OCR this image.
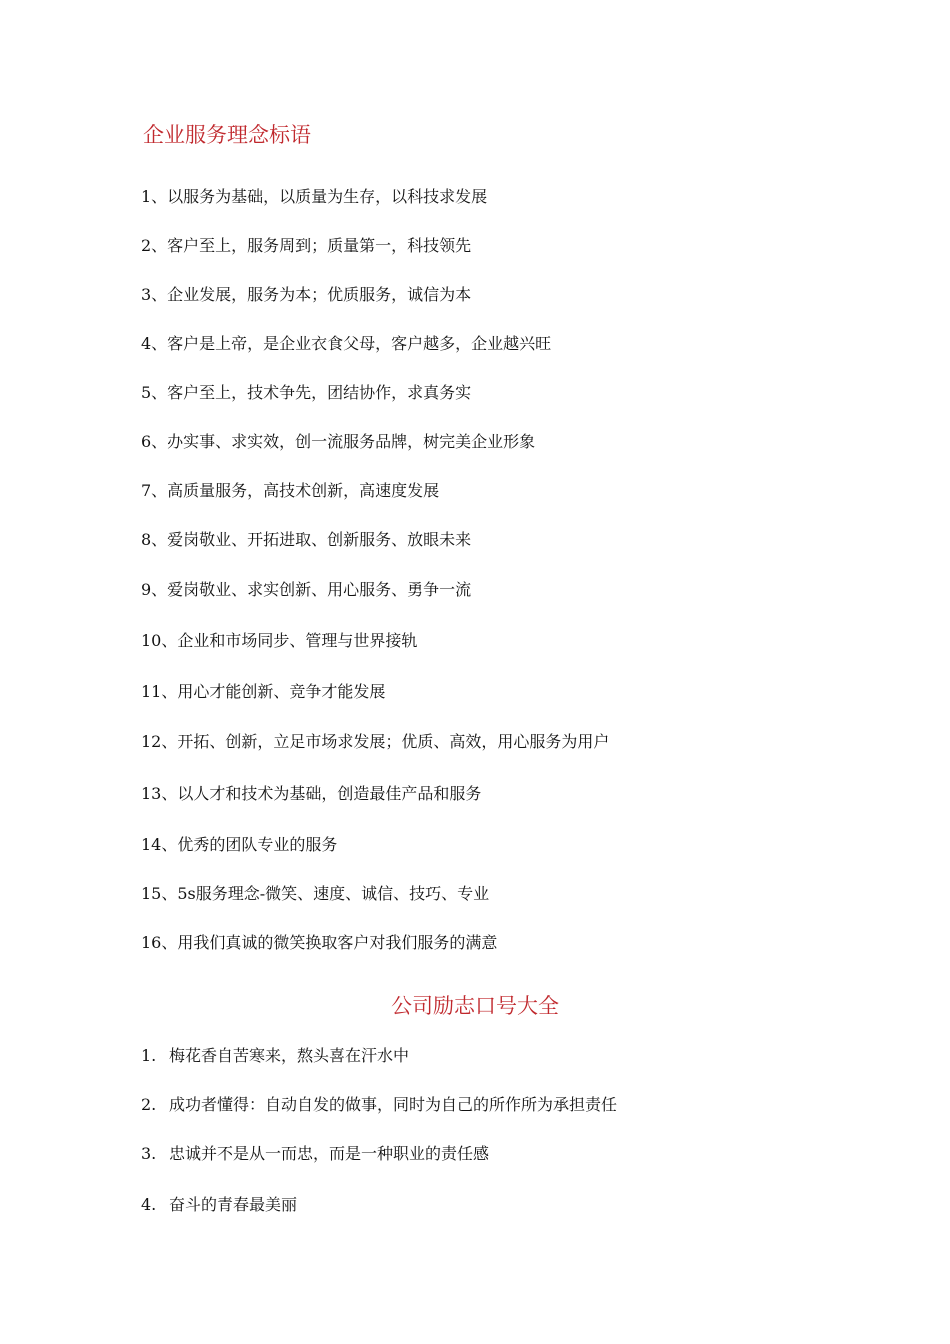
企业服务理念标语
1、以服务为基础，以质量为生存，以科技求发展
2、客户至上，服务周到；质量第一，科技领先
3、企业发展，服务为本；优质服务，诚信为本
4、客户是上帝，是企业衣食父母，客户越多，企业越兴旺
5、客户至上，技术争先，团结协作，求真务实
6、办实事、求实效，创一流服务品牌，树完美企业形象
7、高质量服务，高技术创新，高速度发展
8、爱岗敬业、开拓进取、创新服务、放眼未来
9、爱岗敬业、求实创新、用心服务、勇争一流
10、企业和市场同步、管理与世界接轨
11、用心才能创新、竞争才能发展
12、开拓、创新，立足市场求发展；优质、高效，用心服务为用户
13、以人才和技术为基础，创造最佳产品和服务
14、优秀的团队专业的服务
15、5s服务理念-微笑、速度、诚信、技巧、专业
16、用我们真诚的微笑换取客户对我们服务的满意
公司励志口号大全
1. 梅花香自苦寒来，熬头喜在汗水中
2. 成功者懂得：自动自发的做事，同时为自己的所作所为承担责任
3. 忠诚并不是从一而忠，而是一种职业的责任感
4. 奋斗的青春最美丽
